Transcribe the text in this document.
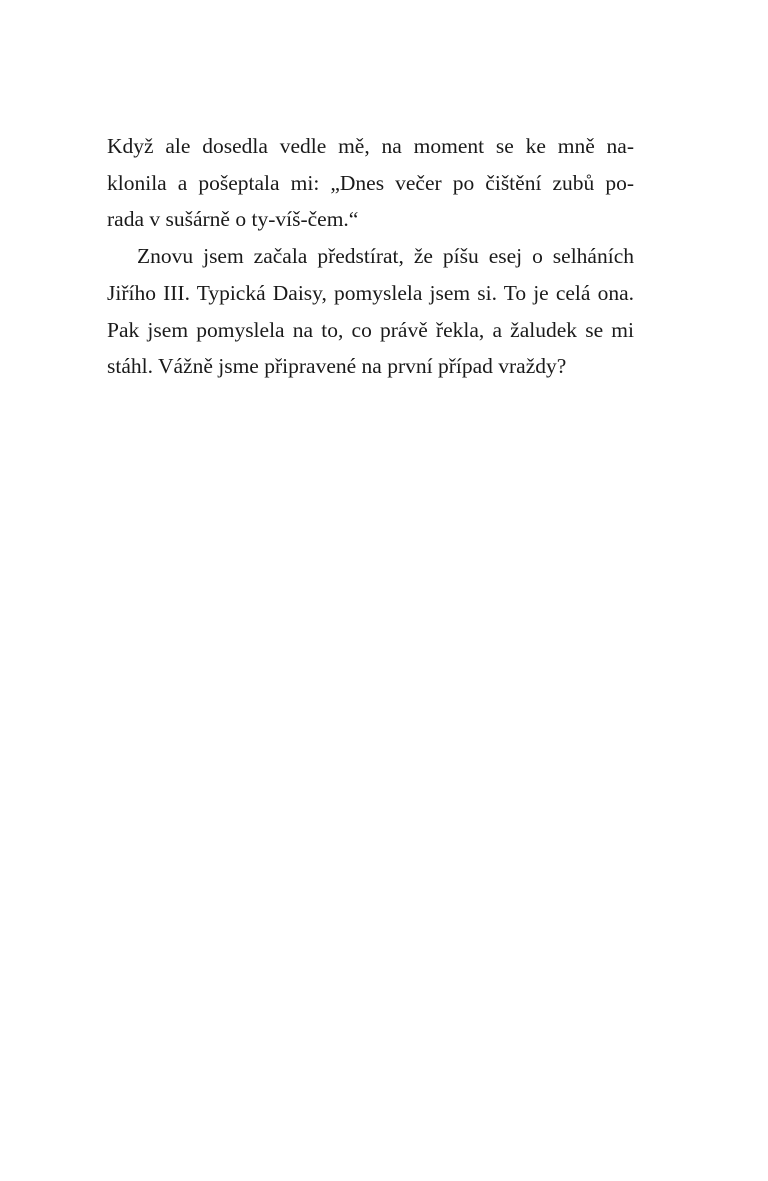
Když ale dosedla vedle mě, na moment se ke mně na-
klonila a pošeptala mi: „Dnes večer po čištění zubů po-
rada v sušárně o ty-víš-čem.“
Znovu jsem začala předstírat, že píšu esej o selháních
Jiřího III. Typická Daisy, pomyslela jsem si. To je celá ona.
Pak jsem pomyslela na to, co právě řekla, a žaludek se mi
stáhl. Vážně jsme připravené na první případ vraždy?
